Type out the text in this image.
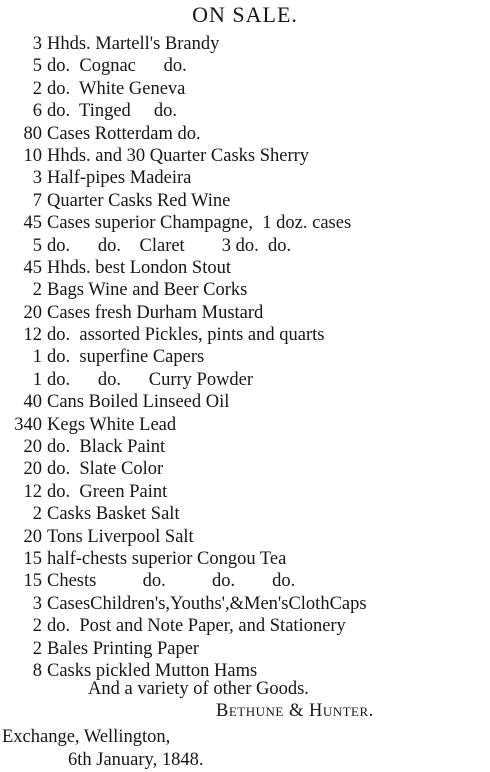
ON SALE.
3 Hhds. Martell's Brandy
5 do.  Cognac      do.
2 do.  White Geneva
6 do.  Tinged     do.
80 Cases Rotterdam do.
10 Hhds. and 30 Quarter Casks Sherry
3 Half-pipes Madeira
7 Quarter Casks Red Wine
45 Cases superior Champagne,  1 doz. cases
5 do.      do.    Claret        3 do.  do.
45 Hhds. best London Stout
2 Bags Wine and Beer Corks
20 Cases fresh Durham Mustard
12 do.  assorted Pickles, pints and quarts
1 do.  superfine Capers
1 do.      do.      Curry Powder
40 Cans Boiled Linseed Oil
340 Kegs White Lead
20 do.  Black Paint
20 do.  Slate Color
12 do.  Green Paint
2 Casks Basket Salt
20 Tons Liverpool Salt
15 half-chests superior Congou Tea
15 Chests          do.          do.        do.
3 CasesChildren's,Youths',&Men'sClothCaps
2 do.  Post and Note Paper, and Stationery
2 Bales Printing Paper
8 Casks pickled Mutton Hams
And a variety of other Goods.
Bethune & Hunter.
Exchange, Wellington,
6th January, 1848.
